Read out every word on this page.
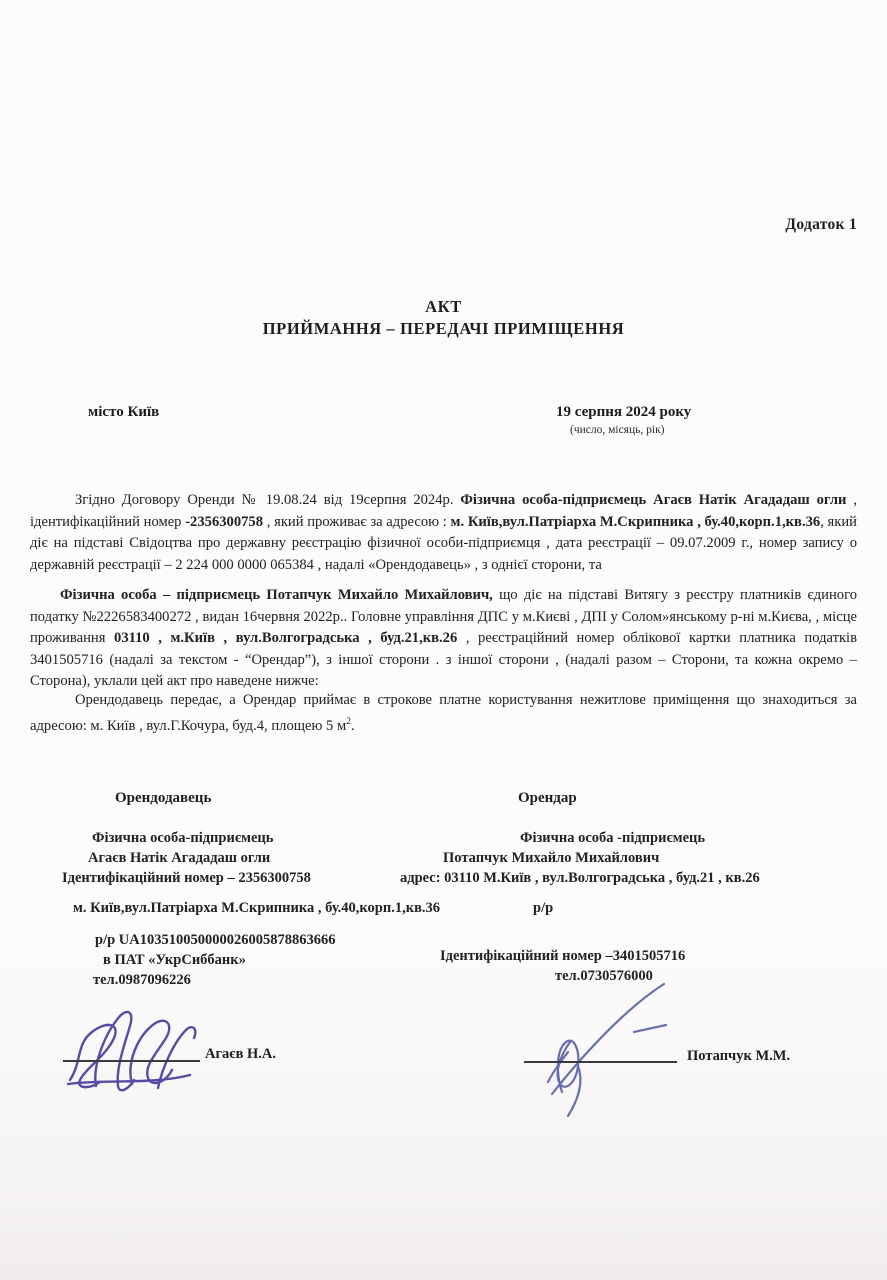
Додаток 1
АКТ
ПРИЙМАННЯ – ПЕРЕДАЧІ ПРИМІЩЕННЯ
місто Київ	19 серпня 2024 року
(число, місяць, рік)
Згідно Договору Оренди № 19.08.24 від 19серпня 2024р. Фізична особа-підприємець Агаєв Натік Агададаш огли , ідентифікаційний номер -2356300758 , який проживає за адресою : м. Київ,вул.Патріарха М.Скрипника , бу.40,корп.1,кв.36, який діє на підставі Свідоцтва про державну реєстрацію фізичної особи-підприємця , дата реєстрації – 09.07.2009 г., номер запису о державній реєстрації – 2 224 000 0000 065384 , надалі «Орендодавець» , з однієї сторони, та
Фізична особа – підприємець Потапчук Михайло Михайлович, що діє на підставі Витягу з реєстру платників єдиного податку №2226583400272 , видан 16червня 2022р.. Головне управління ДПС у м.Києві , ДПІ у Солом»янському р-ні м.Києва, , місце проживання 03110 , м.Київ , вул.Волгоградська , буд.21,кв.26 , реєстраційний номер облікової картки платника податків 3401505716 (надалі за текстом - “Орендар”), з іншої сторони . з іншої сторони , (надалі разом – Сторони, та кожна окремо – Сторона), уклали цей акт про наведене нижче:
Орендодавець передає, а Орендар приймає в строкове платне користування нежитлове приміщення що знаходиться за адресою: м. Київ , вул.Г.Кочура, буд.4, площею 5 $м^2$.
Орендодавець
Фізична особа-підприємець
Агаєв Натік Агададаш огли
Ідентифікаційний номер – 2356300758
м. Київ,вул.Патріарха М.Скрипника , бу.40,корп.1,кв.36
р/р UA103510050000026005878863666
в ПАТ «УкрСиббанк»
тел.0987096226
Орендар
Фізична особа -підприємець
Потапчук Михайло Михайлович
адрес: 03110 М.Київ , вул.Волгоградська , буд.21 , кв.26
р/р
Ідентифікаційний номер –3401505716
тел.0730576000
Агаєв Н.А.	Потапчук М.М.
